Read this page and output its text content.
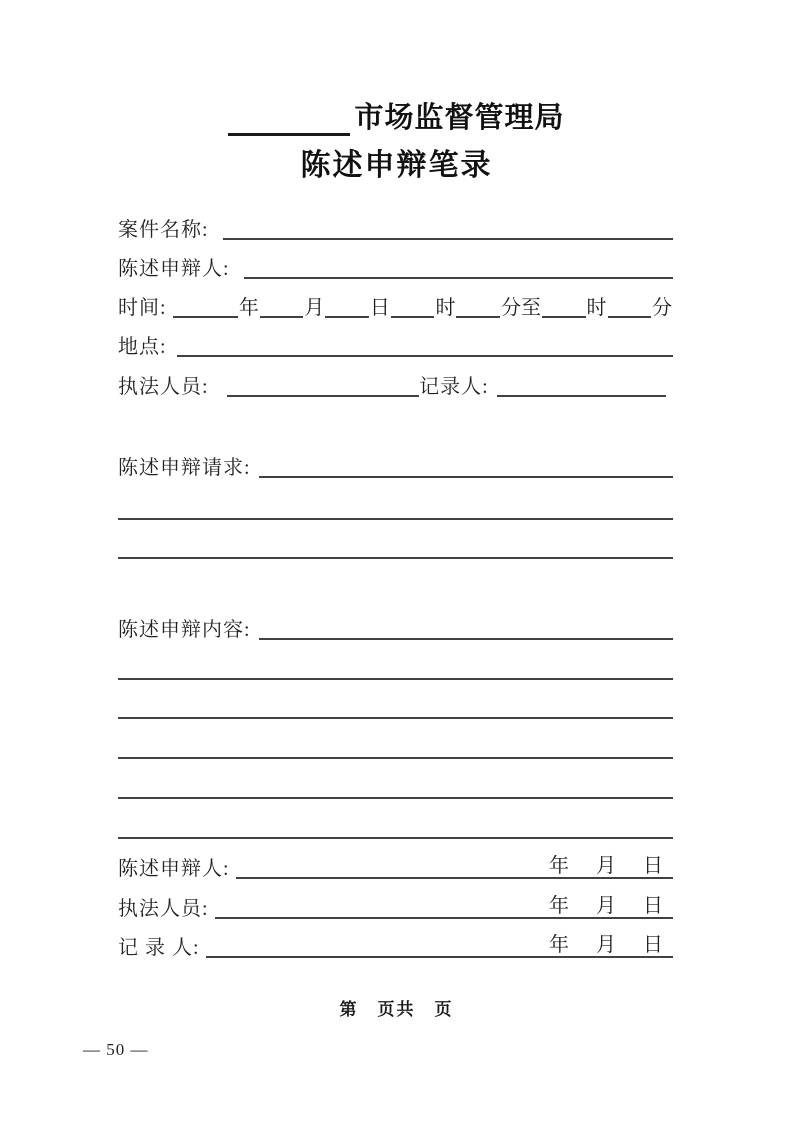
市场监督管理局
陈述申辩笔录
案件名称:
陈述申辩人:
时间:	年 月 日 时 分至 时 分
地点:
执法人员:	记录人:
陈述申辩请求:
陈述申辩内容:
陈述申辩人:	年 月 日
执法人员:	年 月 日
记 录 人:	年 月 日
第　页共　页
— 50 —
